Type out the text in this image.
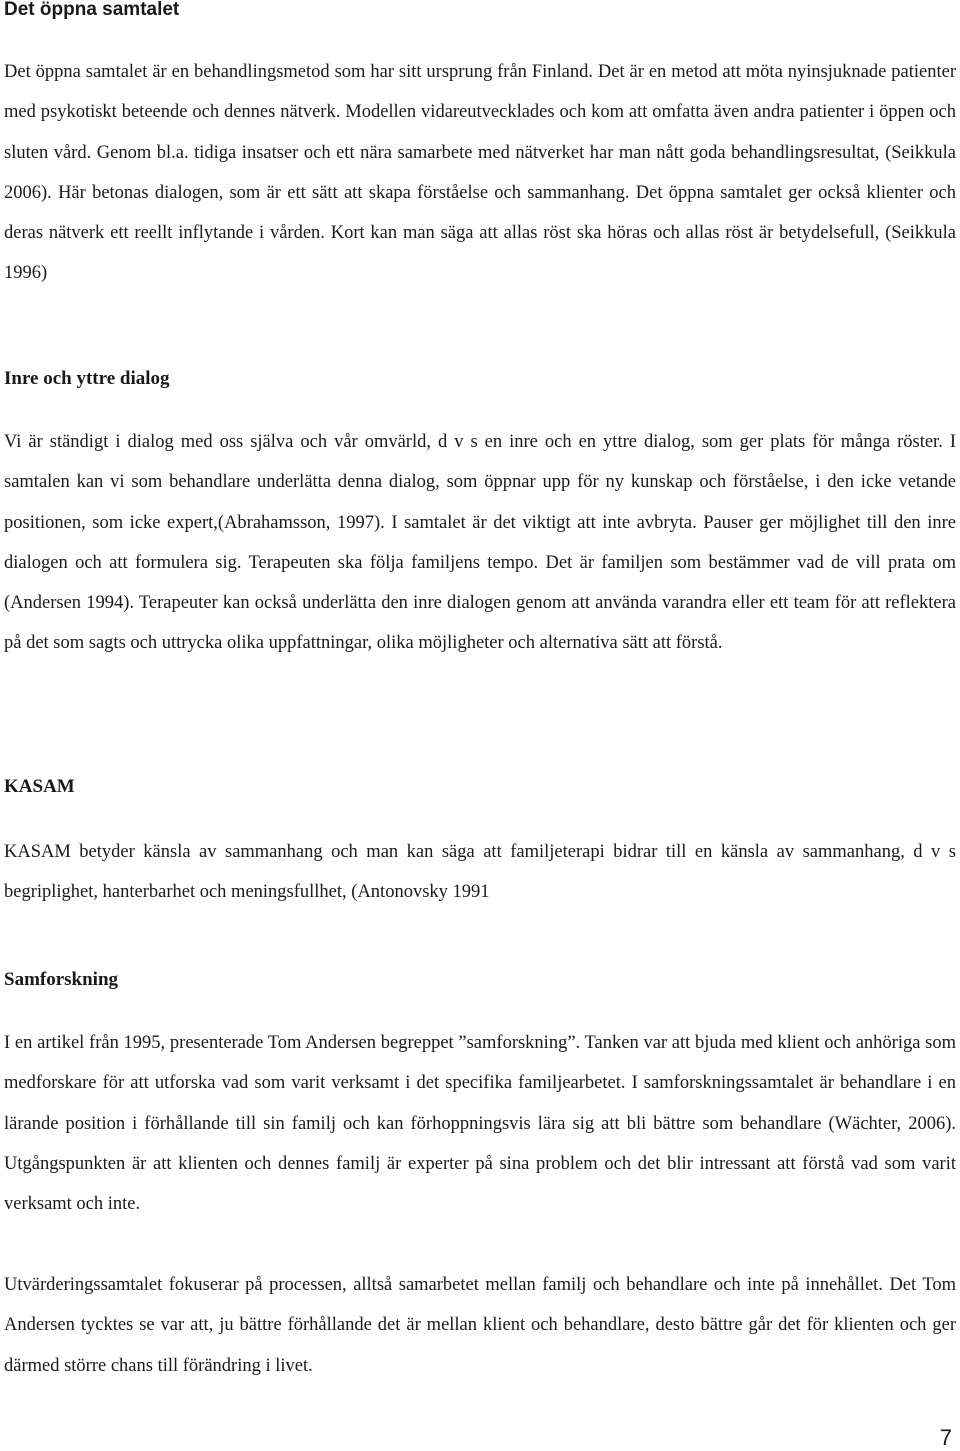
Det öppna samtalet

Det öppna samtalet är en behandlingsmetod som har sitt ursprung från Finland. Det är en metod att möta nyinsjuknade patienter med psykotiskt beteende och dennes nätverk. Modellen vidareutvecklades och kom att omfatta även andra patienter i öppen och sluten vård. Genom bl.a. tidiga insatser och ett nära samarbete med nätverket har man nått goda behandlingsresultat, (Seikkula 2006). Här betonas dialogen, som är ett sätt att skapa förståelse och sammanhang. Det öppna samtalet ger också klienter och deras nätverk ett reellt inflytande i vården. Kort kan man säga att allas röst ska höras och allas röst är betydelsefull, (Seikkula 1996)

Inre och yttre dialog

Vi är ständigt i dialog med oss själva och vår omvärld, d v s en inre och en yttre dialog, som ger plats för många röster. I samtalen kan vi som behandlare underlätta denna dialog, som öppnar upp för ny kunskap och förståelse, i den icke vetande positionen, som icke expert,(Abrahamsson, 1997). I samtalet är det viktigt att inte avbryta. Pauser ger möjlighet till den inre dialogen och att formulera sig. Terapeuten ska följa familjens tempo. Det är familjen som bestämmer vad de vill prata om (Andersen 1994). Terapeuter kan också underlätta den inre dialogen genom att använda varandra eller ett team för att reflektera på det som sagts och uttrycka olika uppfattningar, olika möjligheter och alternativa sätt att förstå.

KASAM

KASAM betyder känsla av sammanhang och man kan säga att familjeterapi bidrar till en känsla av sammanhang, d v s begriplighet, hanterbarhet och meningsfullhet, (Antonovsky 1991

Samforskning

I en artikel från 1995, presenterade Tom Andersen begreppet ”samforskning”. Tanken var att bjuda med klient och anhöriga som medforskare för att utforska vad som varit verksamt i det specifika familjearbetet. I samforskningssamtalet är behandlare i en lärande position i förhållande till sin familj och kan förhoppningsvis lära sig att bli bättre som behandlare (Wächter, 2006). Utgångspunkten är att klienten och dennes familj är experter på sina problem och det blir intressant att förstå vad som varit verksamt och inte.

Utvärderingssamtalet fokuserar på processen, alltså samarbetet mellan familj och behandlare och inte på innehållet. Det Tom Andersen tycktes se var att, ju bättre förhållande det är mellan klient och behandlare, desto bättre går det för klienten och ger därmed större chans till förändring i livet.

7
